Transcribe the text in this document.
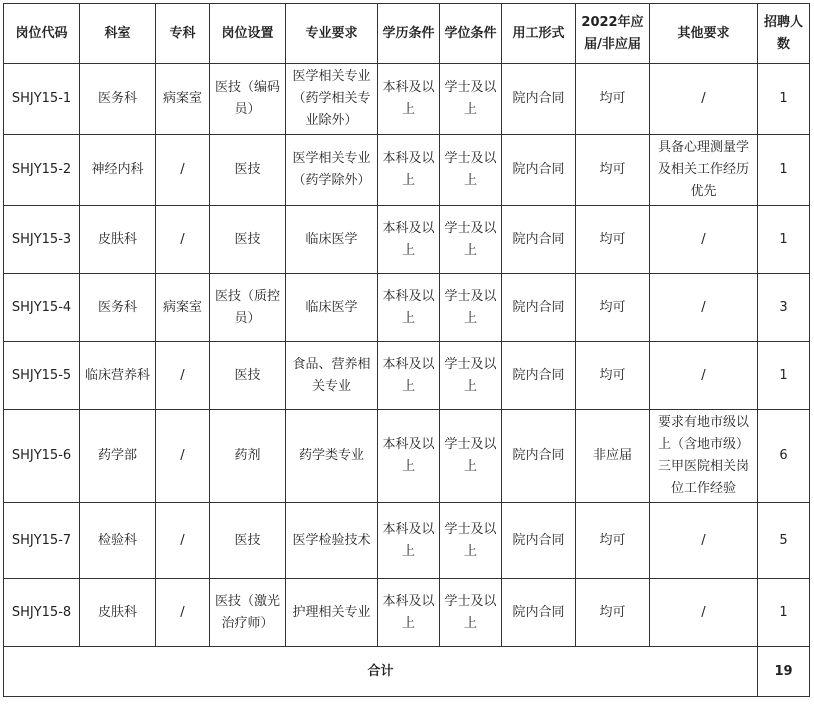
岗位代码	科室	专科	岗位设置	专业要求	学历条件	学位条件	用工形式	2022年应届/非应届	其他要求	招聘人数
SHJY15-1	医务科	病案室	医技（编码员）	医学相关专业（药学相关专业除外）	本科及以上	学士及以上	院内合同	均可	/	1
SHJY15-2	神经内科	/	医技	医学相关专业（药学除外）	本科及以上	学士及以上	院内合同	均可	具备心理测量学及相关工作经历优先	1
SHJY15-3	皮肤科	/	医技	临床医学	本科及以上	学士及以上	院内合同	均可	/	1
SHJY15-4	医务科	病案室	医技（质控员）	临床医学	本科及以上	学士及以上	院内合同	均可	/	3
SHJY15-5	临床营养科	/	医技	食品、营养相关专业	本科及以上	学士及以上	院内合同	均可	/	1
SHJY15-6	药学部	/	药剂	药学类专业	本科及以上	学士及以上	院内合同	非应届	要求有地市级以上（含地市级）三甲医院相关岗位工作经验	6
SHJY15-7	检验科	/	医技	医学检验技术	本科及以上	学士及以上	院内合同	均可	/	5
SHJY15-8	皮肤科	/	医技（激光治疗师）	护理相关专业	本科及以上	学士及以上	院内合同	均可	/	1
合计										19
